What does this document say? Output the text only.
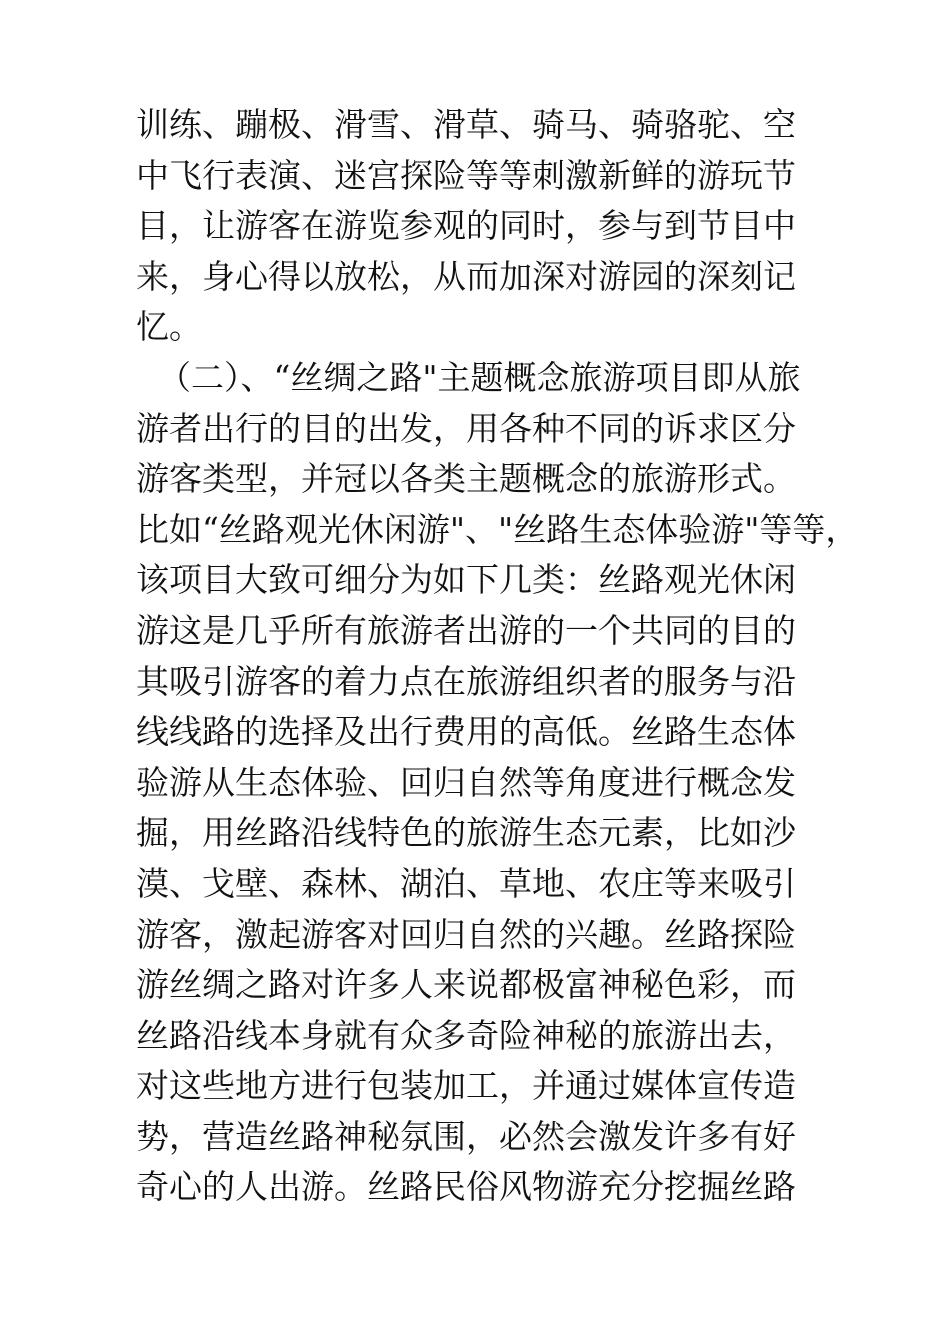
训练、蹦极、滑雪、滑草、骑马、骑骆驼、空
中飞行表演、迷宫探险等等刺激新鲜的游玩节
目，让游客在游览参观的同时，参与到节目中
来，身心得以放松，从而加深对游园的深刻记
忆。
（二）、“丝绸之路"主题概念旅游项目即从旅
游者出行的目的出发，用各种不同的诉求区分
游客类型，并冠以各类主题概念的旅游形式。
比如“丝路观光休闲游"、"丝路生态体验游"等等，
该项目大致可细分为如下几类：丝路观光休闲
游这是几乎所有旅游者出游的一个共同的目的
其吸引游客的着力点在旅游组织者的服务与沿
线线路的选择及出行费用的高低。丝路生态体
验游从生态体验、回归自然等角度进行概念发
掘，用丝路沿线特色的旅游生态元素，比如沙
漠、戈壁、森林、湖泊、草地、农庄等来吸引
游客，激起游客对回归自然的兴趣。丝路探险
游丝绸之路对许多人来说都极富神秘色彩，而
丝路沿线本身就有众多奇险神秘的旅游出去，
对这些地方进行包装加工，并通过媒体宣传造
势，营造丝路神秘氛围，必然会激发许多有好
奇心的人出游。丝路民俗风物游充分挖掘丝路
